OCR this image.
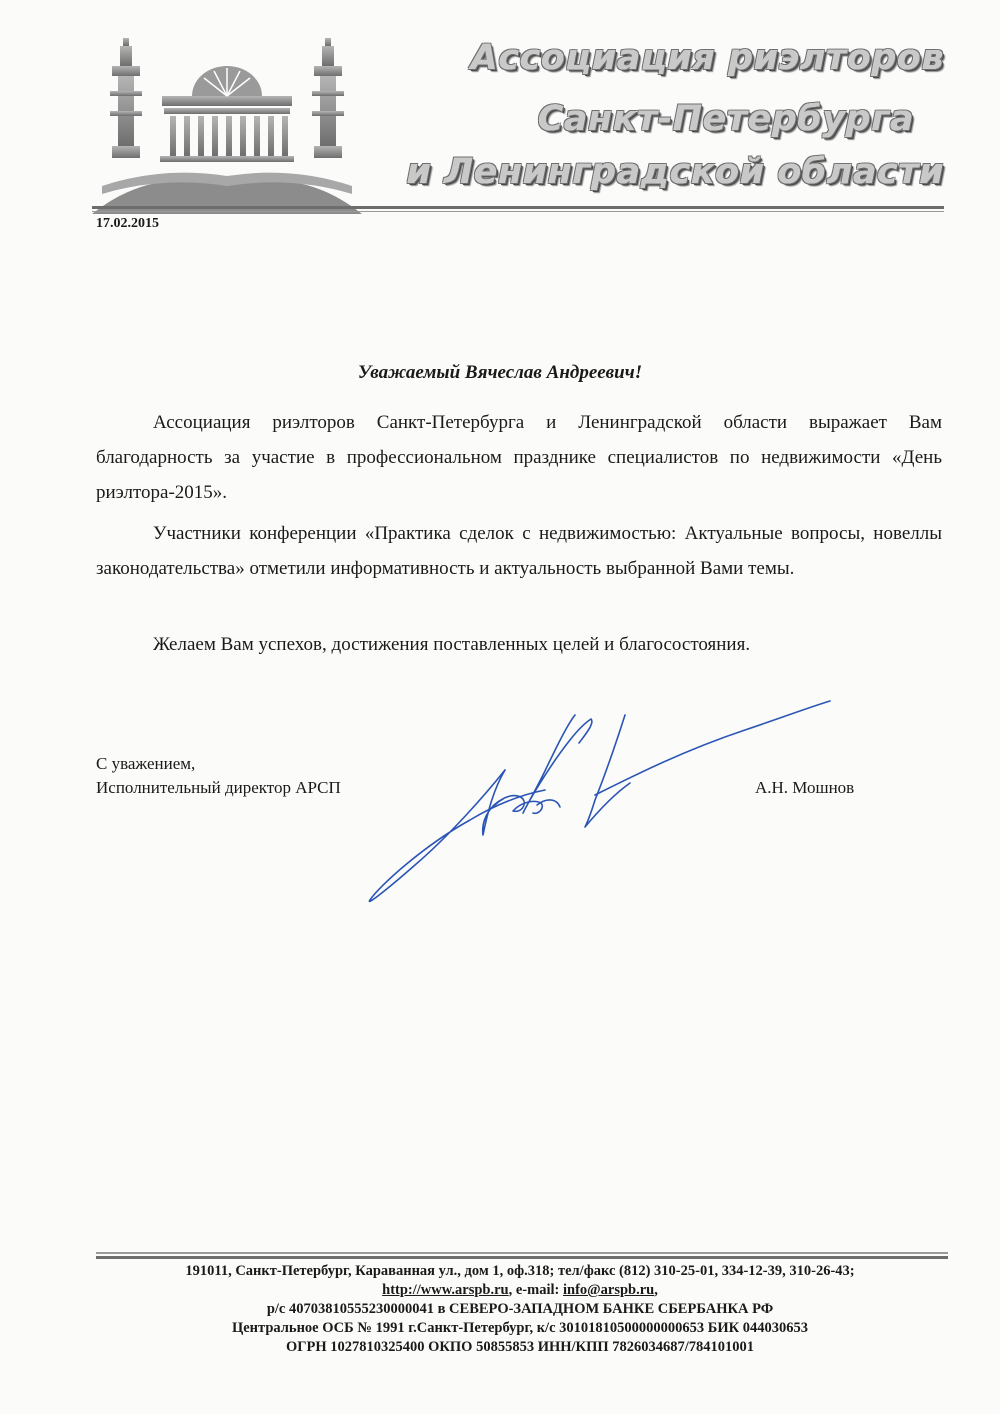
Ассоциация риэлторов
Санкт-Петербурга
и Ленинградской области
17.02.2015
Уважаемый Вячеслав Андреевич!

Ассоциация риэлторов Санкт-Петербурга и Ленинградской области выражает Вам благодарность за участие в профессиональном празднике специалистов по недвижимости «День риэлтора-2015».

Участники конференции «Практика сделок с недвижимостью: Актуальные вопросы, новеллы законодательства» отметили информативность и актуальность выбранной Вами темы.

Желаем Вам успехов, достижения поставленных целей и благосостояния.

С уважением,
Исполнительный директор АРСП	А.Н. Мошнов
191011, Санкт-Петербург, Караванная ул., дом 1, оф.318; тел/факс (812) 310-25-01, 334-12-39, 310-26-43;
http://www.arspb.ru, e-mail: info@arspb.ru,
р/с 40703810555230000041 в СЕВЕРО-ЗАПАДНОМ БАНКЕ СБЕРБАНКА РФ
Центральное ОСБ № 1991 г.Санкт-Петербург, к/с 30101810500000000653 БИК 044030653
ОГРН 1027810325400 ОКПО 50855853 ИНН/КПП 7826034687/784101001
